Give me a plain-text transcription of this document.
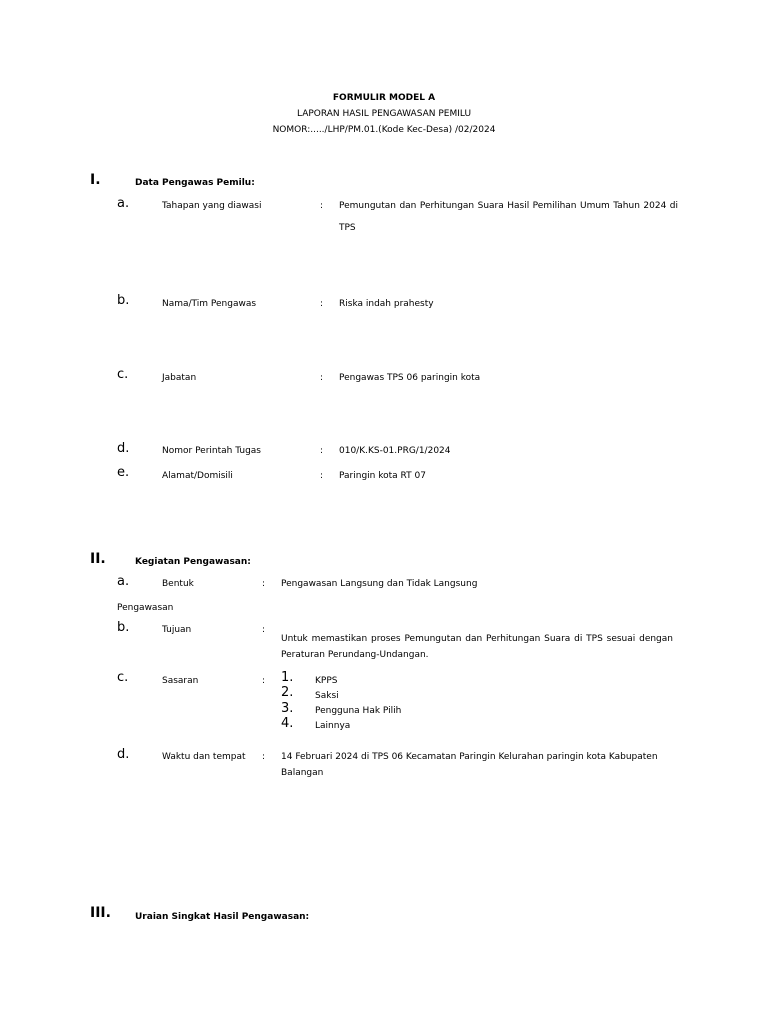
FORMULIR MODEL A
LAPORAN HASIL PENGAWASAN PEMILU
NOMOR:...../LHP/PM.01.(Kode Kec-Desa) /02/2024
I.	Data Pengawas Pemilu:
a.	Tahapan yang diawasi	: Pemungutan dan Perhitungan Suara Hasil Pemilihan Umum Tahun 2024 di
TPS
b.	Nama/Tim Pengawas	: Riska indah prahesty
c.	Jabatan	: Pengawas TPS 06 paringin kota
d.	Nomor Perintah Tugas	: 010/K.KS-01.PRG/1/2024
e.	Alamat/Domisili	: Paringin kota RT 07
II.	Kegiatan Pengawasan:
a.	Bentuk	: Pengawasan Langsung dan Tidak Langsung
Pengawasan
b.	Tujuan	:
Untuk memastikan proses Pemungutan dan Perhitungan Suara di TPS sesuai dengan
Peraturan Perundang-Undangan.
c.	Sasaran	: 1. KPPS
2. Saksi
3. Pengguna Hak Pilih
4. Lainnya
d.	Waktu dan tempat : 14 Februari 2024 di TPS 06 Kecamatan Paringin Kelurahan paringin kota Kabupaten
Balangan
III.	Uraian Singkat Hasil Pengawasan:
